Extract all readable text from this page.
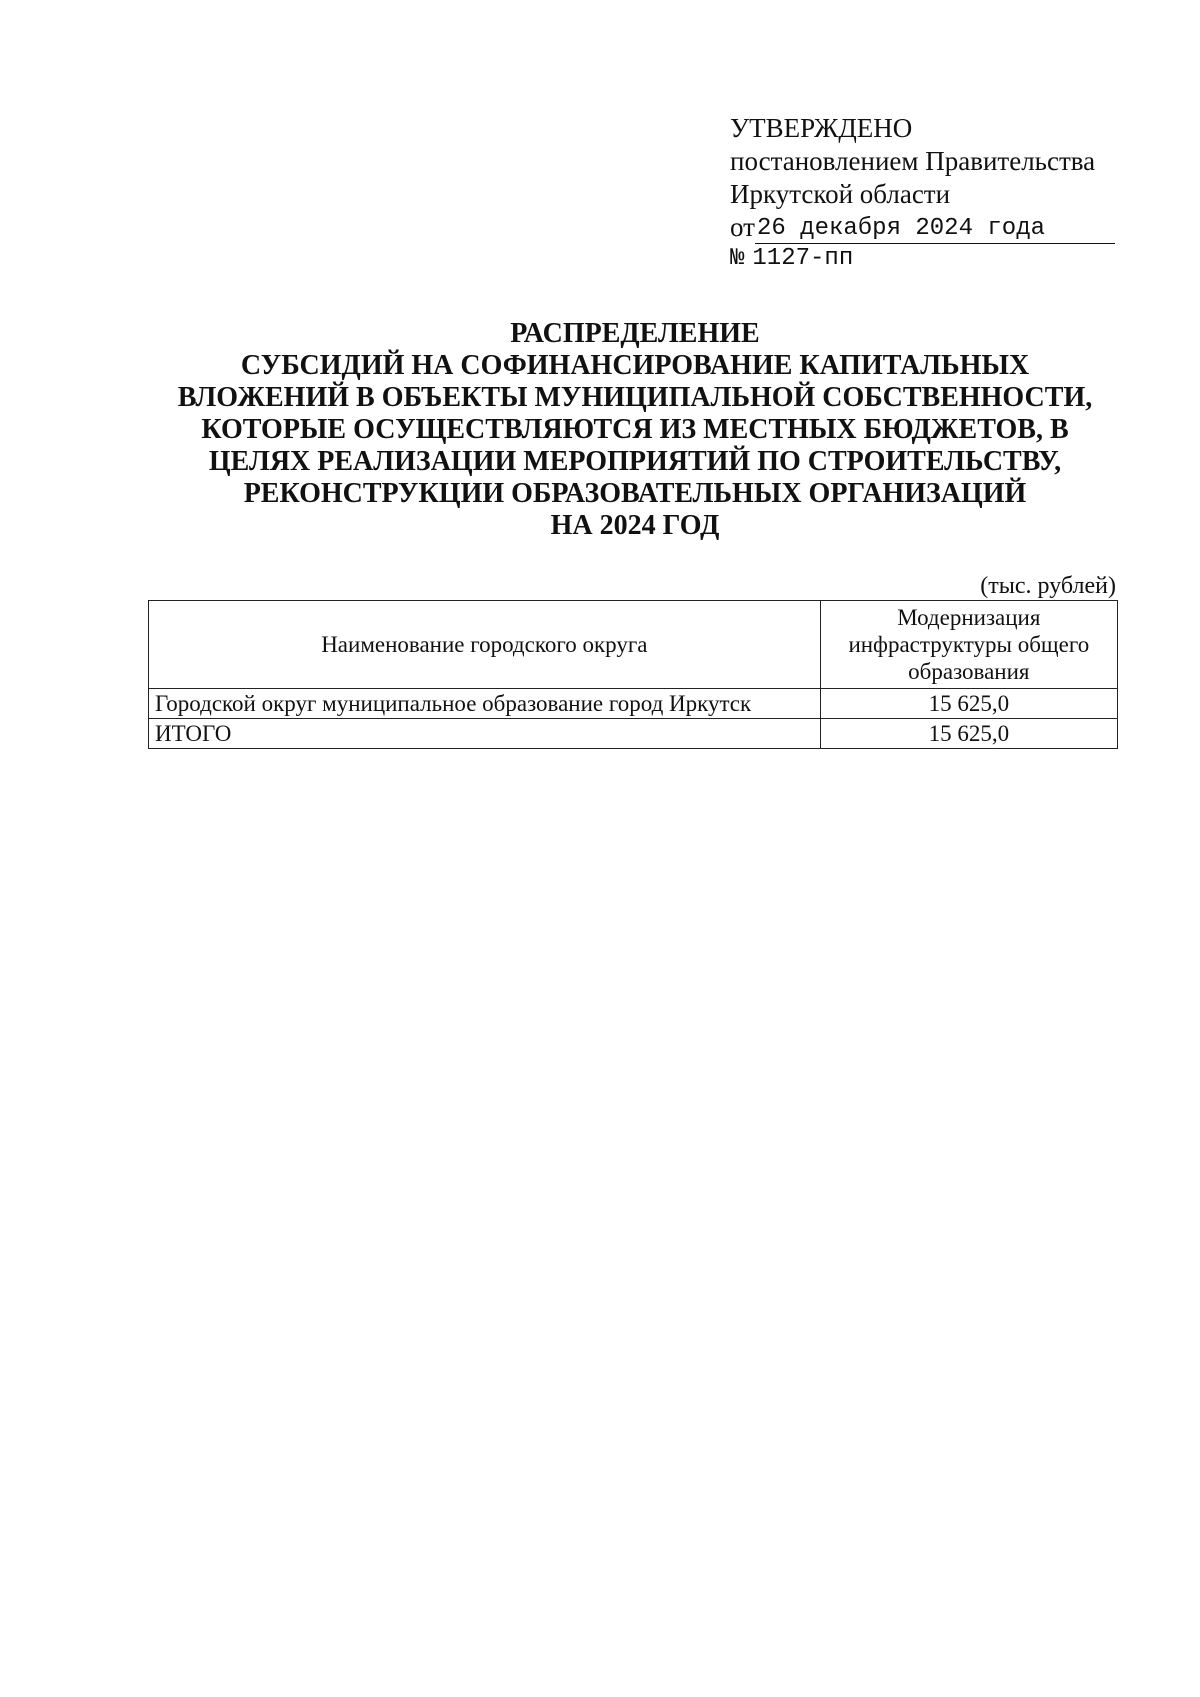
УТВЕРЖДЕНО
постановлением Правительства
Иркутской области
от 26 декабря 2024 года
№ 1127-пп
РАСПРЕДЕЛЕНИЕ
СУБСИДИЙ НА СОФИНАНСИРОВАНИЕ КАПИТАЛЬНЫХ
ВЛОЖЕНИЙ В ОБЪЕКТЫ МУНИЦИПАЛЬНОЙ СОБСТВЕННОСТИ,
КОТОРЫЕ ОСУЩЕСТВЛЯЮТСЯ ИЗ МЕСТНЫХ БЮДЖЕТОВ, В
ЦЕЛЯХ РЕАЛИЗАЦИИ МЕРОПРИЯТИЙ ПО СТРОИТЕЛЬСТВУ,
РЕКОНСТРУКЦИИ ОБРАЗОВАТЕЛЬНЫХ ОРГАНИЗАЦИЙ
НА 2024 ГОД
(тыс. рублей)
Наименование городского округа	Модернизация
инфраструктуры общего
образования

Городской округ муниципальное образование город Иркутск	15 625,0
ИТОГО	15 625,0
